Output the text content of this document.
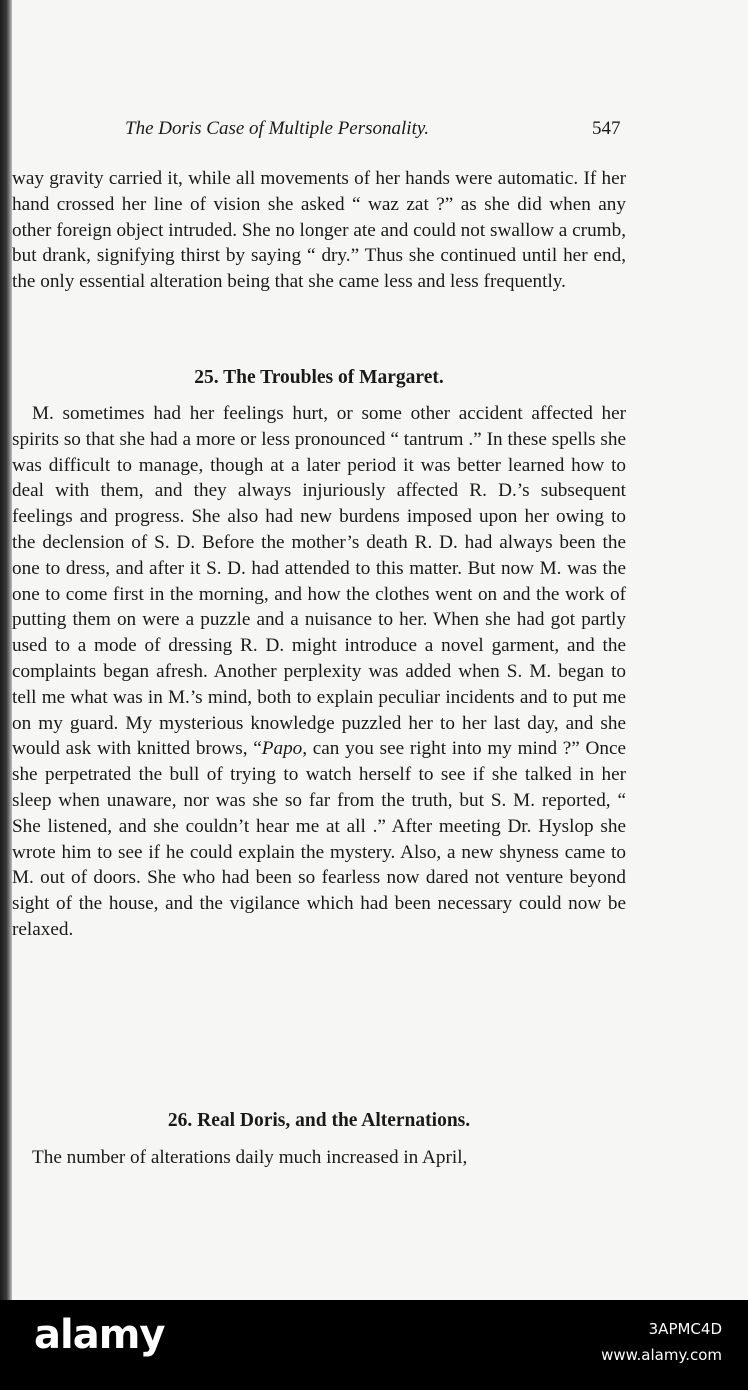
The Doris Case of Multiple Personality.	547

way gravity carried it, while all movements of her hands were automatic. If her hand crossed her line of vision she asked “ waz zat ?” as she did when any other foreign object intruded. She no longer ate and could not swallow a crumb, but drank, signifying thirst by saying “ dry.” Thus she continued until her end, the only essential alteration being that she came less and less frequently.

25. The Troubles of Margaret.

M. sometimes had her feelings hurt, or some other accident affected her spirits so that she had a more or less pronounced “ tantrum .” In these spells she was difficult to manage, though at a later period it was better learned how to deal with them, and they always injuriously affected R. D.’s subsequent feelings and progress. She also had new burdens imposed upon her owing to the declension of S. D. Before the mother’s death R. D. had always been the one to dress, and after it S. D. had attended to this matter. But now M. was the one to come first in the morning, and how the clothes went on and the work of putting them on were a puzzle and a nuisance to her. When she had got partly used to a mode of dressing R. D. might introduce a novel garment, and the complaints began afresh. Another perplexity was added when S. M. began to tell me what was in M.’s mind, both to explain peculiar incidents and to put me on my guard. My mysterious knowledge puzzled her to her last day, and she would ask with knitted brows, “Papo, can you see right into my mind ?” Once she perpetrated the bull of trying to watch herself to see if she talked in her sleep when unaware, nor was she so far from the truth, but S. M. reported, “ She listened, and she couldn’t hear me at all .” After meeting Dr. Hyslop she wrote him to see if he could explain the mystery. Also, a new shyness came to M. out of doors. She who had been so fearless now dared not venture beyond sight of the house, and the vigilance which had been necessary could now be relaxed.

26. Real Doris, and the Alternations.

The number of alterations daily much increased in April,

alamy	3APMC4D
www.alamy.com
